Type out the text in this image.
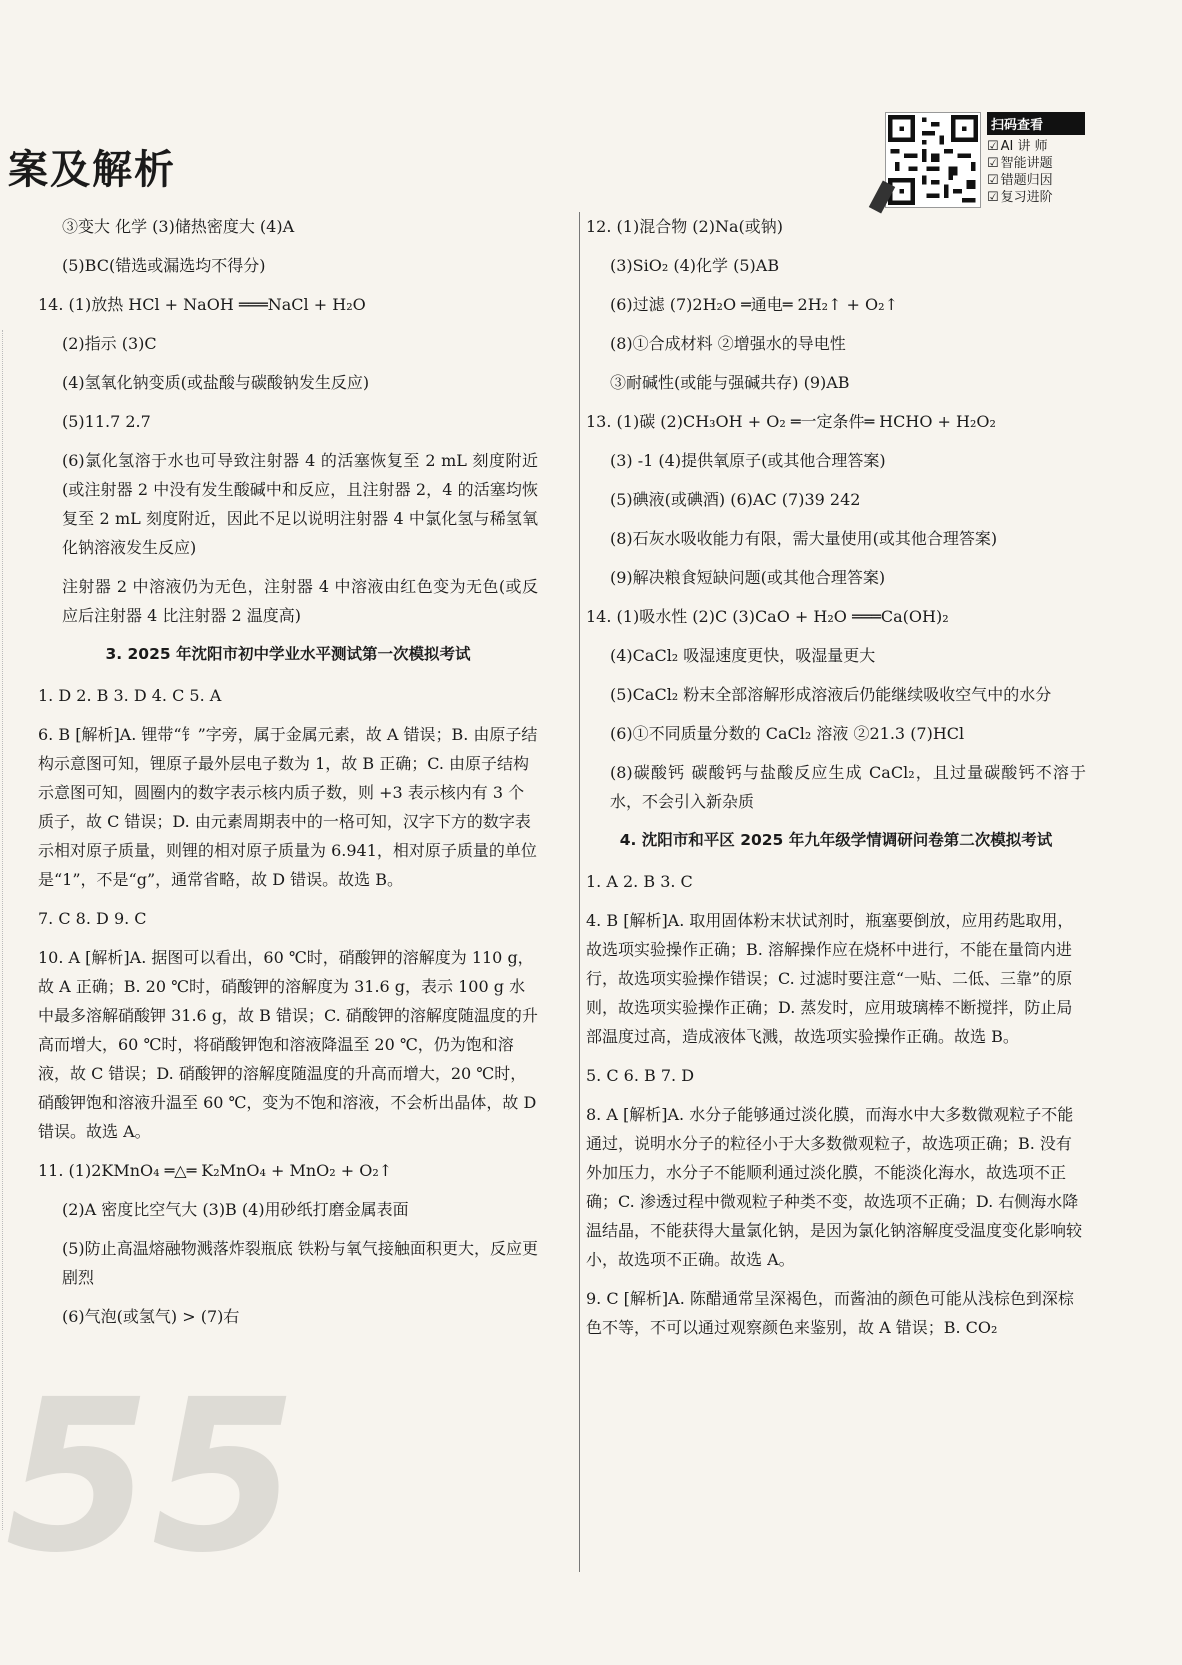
案及解析
扫码查看
☑ AI 讲 师
☑ 智能讲题
☑ 错题归因
☑ 复习进阶
③变大 化学 (3)储热密度大 (4)A
(5)BC(错选或漏选均不得分)
14. (1)放热 HCl + NaOH ═══NaCl + H₂O
(2)指示 (3)C
(4)氢氧化钠变质(或盐酸与碳酸钠发生反应)
(5)11.7 2.7
(6)氯化氢溶于水也可导致注射器 4 的活塞恢复至 2 mL 刻度附近(或注射器 2 中没有发生酸碱中和反应，且注射器 2，4 的活塞均恢复至 2 mL 刻度附近，因此不足以说明注射器 4 中氯化氢与稀氢氧化钠溶液发生反应)
注射器 2 中溶液仍为无色，注射器 4 中溶液由红色变为无色(或反应后注射器 4 比注射器 2 温度高)
3. 2025 年沈阳市初中学业水平测试第一次模拟考试
1. D 2. B 3. D 4. C 5. A
6. B [解析]A. 锂带“钅”字旁，属于金属元素，故 A 错误；B. 由原子结构示意图可知，锂原子最外层电子数为 1，故 B 正确；C. 由原子结构示意图可知，圆圈内的数字表示核内质子数，则 +3 表示核内有 3 个质子，故 C 错误；D. 由元素周期表中的一格可知，汉字下方的数字表示相对原子质量，则锂的相对原子质量为 6.941，相对原子质量的单位是“1”，不是“g”，通常省略，故 D 错误。故选 B。
7. C 8. D 9. C
10. A [解析]A. 据图可以看出，60 ℃时，硝酸钾的溶解度为 110 g，故 A 正确；B. 20 ℃时，硝酸钾的溶解度为 31.6 g，表示 100 g 水中最多溶解硝酸钾 31.6 g，故 B 错误；C. 硝酸钾的溶解度随温度的升高而增大，60 ℃时，将硝酸钾饱和溶液降温至 20 ℃，仍为饱和溶液，故 C 错误；D. 硝酸钾的溶解度随温度的升高而增大，20 ℃时，硝酸钾饱和溶液升温至 60 ℃，变为不饱和溶液，不会析出晶体，故 D 错误。故选 A。
11. (1)2KMnO₄ ═△═ K₂MnO₄ + MnO₂ + O₂↑
(2)A 密度比空气大 (3)B (4)用砂纸打磨金属表面
(5)防止高温熔融物溅落炸裂瓶底 铁粉与氧气接触面积更大，反应更剧烈
(6)气泡(或氢气) > (7)右
12. (1)混合物 (2)Na(或钠)
(3)SiO₂ (4)化学 (5)AB
(6)过滤 (7)2H₂O ═通电═ 2H₂↑ + O₂↑
(8)①合成材料 ②增强水的导电性
③耐碱性(或能与强碱共存) (9)AB
13. (1)碳 (2)CH₃OH + O₂ ═一定条件═ HCHO + H₂O₂
(3) -1 (4)提供氧原子(或其他合理答案)
(5)碘液(或碘酒) (6)AC (7)39 242
(8)石灰水吸收能力有限，需大量使用(或其他合理答案)
(9)解决粮食短缺问题(或其他合理答案)
14. (1)吸水性 (2)C (3)CaO + H₂O ═══Ca(OH)₂
(4)CaCl₂ 吸湿速度更快，吸湿量更大
(5)CaCl₂ 粉末全部溶解形成溶液后仍能继续吸收空气中的水分
(6)①不同质量分数的 CaCl₂ 溶液 ②21.3 (7)HCl
(8)碳酸钙 碳酸钙与盐酸反应生成 CaCl₂，且过量碳酸钙不溶于水，不会引入新杂质
4. 沈阳市和平区 2025 年九年级学情调研问卷第二次模拟考试
1. A 2. B 3. C
4. B [解析]A. 取用固体粉末状试剂时，瓶塞要倒放，应用药匙取用，故选项实验操作正确；B. 溶解操作应在烧杯中进行，不能在量筒内进行，故选项实验操作错误；C. 过滤时要注意“一贴、二低、三靠”的原则，故选项实验操作正确；D. 蒸发时，应用玻璃棒不断搅拌，防止局部温度过高，造成液体飞溅，故选项实验操作正确。故选 B。
5. C 6. B 7. D
8. A [解析]A. 水分子能够通过淡化膜，而海水中大多数微观粒子不能通过，说明水分子的粒径小于大多数微观粒子，故选项正确；B. 没有外加压力，水分子不能顺利通过淡化膜，不能淡化海水，故选项不正确；C. 渗透过程中微观粒子种类不变，故选项不正确；D. 右侧海水降温结晶，不能获得大量氯化钠，是因为氯化钠溶解度受温度变化影响较小，故选项不正确。故选 A。
9. C [解析]A. 陈醋通常呈深褐色，而酱油的颜色可能从浅棕色到深棕色不等，不可以通过观察颜色来鉴别，故 A 错误；B. CO₂
55
